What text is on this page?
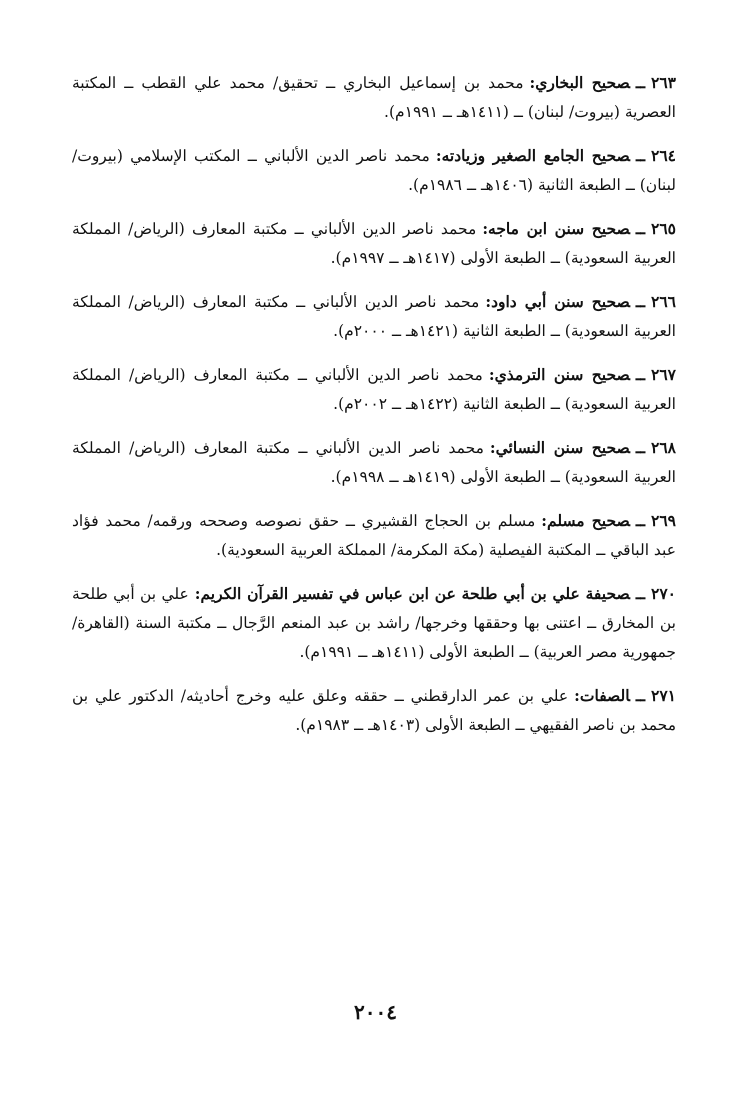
٢٦٣ــصحيح البخاري:محمد بن إسماعيل البخاري ــ تحقيق/ محمد علي القطب ــ المكتبة العصرية (بيروت/ لبنان) ــ (١٤١١هـ ــ ١٩٩١م).
٢٦٤ــصحيح الجامع الصغير وزيادته:محمد ناصر الدين الألباني ــ المكتب الإسلامي (بيروت/ لبنان) ــ الطبعة الثانية (١٤٠٦هـ ــ ١٩٨٦م).
٢٦٥ــصحيح سنن ابن ماجه:محمد ناصر الدين الألباني ــ مكتبة المعارف (الرياض/ المملكة العربية السعودية) ــ الطبعة الأولى (١٤١٧هـ ــ ١٩٩٧م).
٢٦٦ــصحيح سنن أبي داود:محمد ناصر الدين الألباني ــ مكتبة المعارف (الرياض/ المملكة العربية السعودية) ــ الطبعة الثانية (١٤٢١هـ ــ ٢٠٠٠م).
٢٦٧ــصحيح سنن الترمذي:محمد ناصر الدين الألباني ــ مكتبة المعارف (الرياض/ المملكة العربية السعودية) ــ الطبعة الثانية (١٤٢٢هـ ــ ٢٠٠٢م).
٢٦٨ــصحيح سنن النسائي:محمد ناصر الدين الألباني ــ مكتبة المعارف (الرياض/ المملكة العربية السعودية) ــ الطبعة الأولى (١٤١٩هـ ــ ١٩٩٨م).
٢٦٩ــصحيح مسلم:مسلم بن الحجاج القشيري ــ حقق نصوصه وصححه ورقمه/ محمد فؤاد عبد الباقي ــ المكتبة الفيصلية (مكة المكرمة/ المملكة العربية السعودية).
٢٧٠ــصحيفة علي بن أبي طلحة عن ابن عباس في تفسير القرآن الكريم:علي بن أبي طلحة بن المخارق ــ اعتنى بها وحققها وخرجها/ راشد بن عبد المنعم الرَّجال ــ مكتبة السنة (القاهرة/ جمهورية مصر العربية) ــ الطبعة الأولى (١٤١١هـ ــ ١٩٩١م).
٢٧١ــالصفات:علي بن عمر الدارقطني ــ حققه وعلق عليه وخرج أحاديثه/ الدكتور علي بن محمد بن ناصر الفقيهي ــ الطبعة الأولى (١٤٠٣هـ ــ ١٩٨٣م).
٢٠٠٤
